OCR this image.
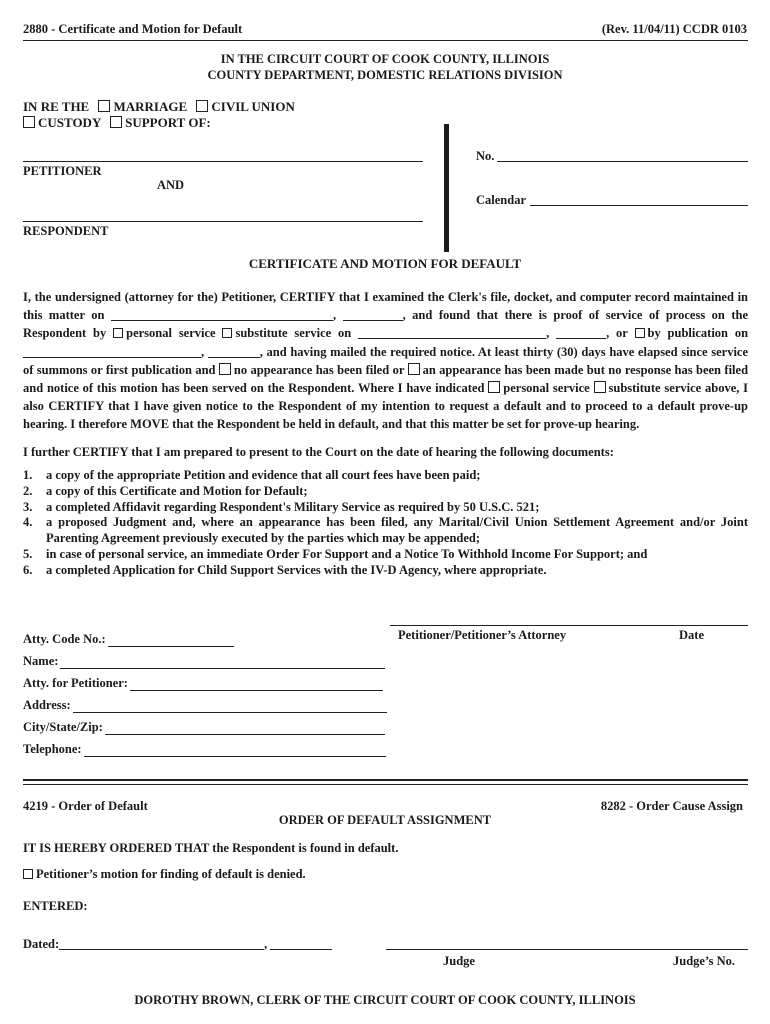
2880 - Certificate and Motion for Default	(Rev. 11/04/11) CCDR 0103
IN THE CIRCUIT COURT OF COOK COUNTY, ILLINOIS
COUNTY DEPARTMENT, DOMESTIC RELATIONS DIVISION
IN RE THE MARRIAGE CIVIL UNION
CUSTODY SUPPORT OF:
PETITIONER
AND
RESPONDENT
No.
Calendar
CERTIFICATE AND MOTION FOR DEFAULT
I, the undersigned (attorney for the) Petitioner, CERTIFY that I examined the Clerk's file, docket, and computer record maintained in this matter on	,	, and found that there is proof of service of process on the Respondent by personal service substitute service on	,	, or by publication on ,	, and having mailed the required notice. At least thirty (30) days have elapsed since service of summons or first publication and no appearance has been filed or an appearance has been made but no response has been filed and notice of this motion has been served on the Respondent. Where I have indicated personal service substitute service above, I also CERTIFY that I have given notice to the Respondent of my intention to request a default and to proceed to a default prove-up hearing. I therefore MOVE that the Respondent be held in default, and that this matter be set for prove-up hearing.
I further CERTIFY that I am prepared to present to the Court on the date of hearing the following documents:
1. a copy of the appropriate Petition and evidence that all court fees have been paid;
2. a copy of this Certificate and Motion for Default;
3. a completed Affidavit regarding Respondent's Military Service as required by 50 U.S.C. 521;
4. a proposed Judgment and, where an appearance has been filed, any Marital/Civil Union Settlement Agreement and/or Joint Parenting Agreement previously executed by the parties which may be appended;
5. in case of personal service, an immediate Order For Support and a Notice To Withhold Income For Support; and
6. a completed Application for Child Support Services with the IV-D Agency, where appropriate.
Petitioner/Petitioner’s Attorney	Date
Atty. Code No.:
Name:
Atty. for Petitioner:
Address:
City/State/Zip:
Telephone:
4219 - Order of Default	8282 - Order Cause Assign
ORDER OF DEFAULT ASSIGNMENT
IT IS HEREBY ORDERED THAT the Respondent is found in default.
Petitioner’s motion for finding of default is denied.
ENTERED:
Dated:	,
Judge	Judge’s No.
DOROTHY BROWN, CLERK OF THE CIRCUIT COURT OF COOK COUNTY, ILLINOIS
